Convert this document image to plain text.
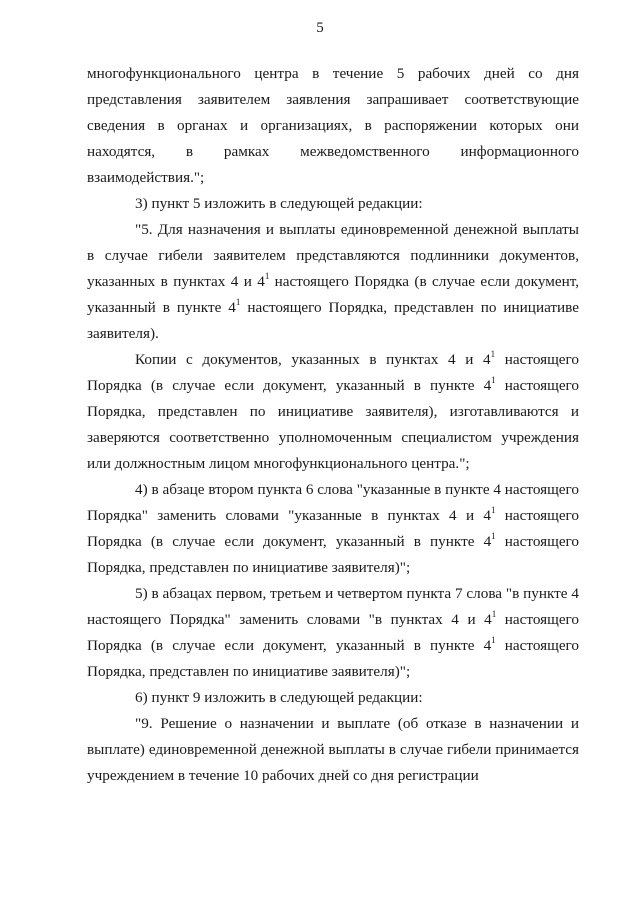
5

многофункционального центра в течение 5 рабочих дней со дня представления заявителем заявления запрашивает соответствующие сведения в органах и организациях, в распоряжении которых они находятся, в рамках межведомственного информационного взаимодействия.";

3) пункт 5 изложить в следующей редакции:

"5. Для назначения и выплаты единовременной денежной выплаты в случае гибели заявителем представляются подлинники документов, указанных в пунктах 4 и $4^1$ настоящего Порядка (в случае если документ, указанный в пункте $4^1$ настоящего Порядка, представлен по инициативе заявителя).

Копии с документов, указанных в пунктах 4 и $4^1$ настоящего Порядка (в случае если документ, указанный в пункте $4^1$ настоящего Порядка, представлен по инициативе заявителя), изготавливаются и заверяются соответственно уполномоченным специалистом учреждения или должностным лицом многофункционального центра.";

4) в абзаце втором пункта 6 слова "указанные в пункте 4 настоящего Порядка" заменить словами "указанные в пунктах 4 и $4^1$ настоящего Порядка (в случае если документ, указанный в пункте $4^1$ настоящего Порядка, представлен по инициативе заявителя)";

5) в абзацах первом, третьем и четвертом пункта 7 слова "в пункте 4 настоящего Порядка" заменить словами "в пунктах 4 и $4^1$ настоящего Порядка (в случае если документ, указанный в пункте $4^1$ настоящего Порядка, представлен по инициативе заявителя)";

6) пункт 9 изложить в следующей редакции:

"9. Решение о назначении и выплате (об отказе в назначении и выплате) единовременной денежной выплаты в случае гибели принимается учреждением в течение 10 рабочих дней со дня регистрации
